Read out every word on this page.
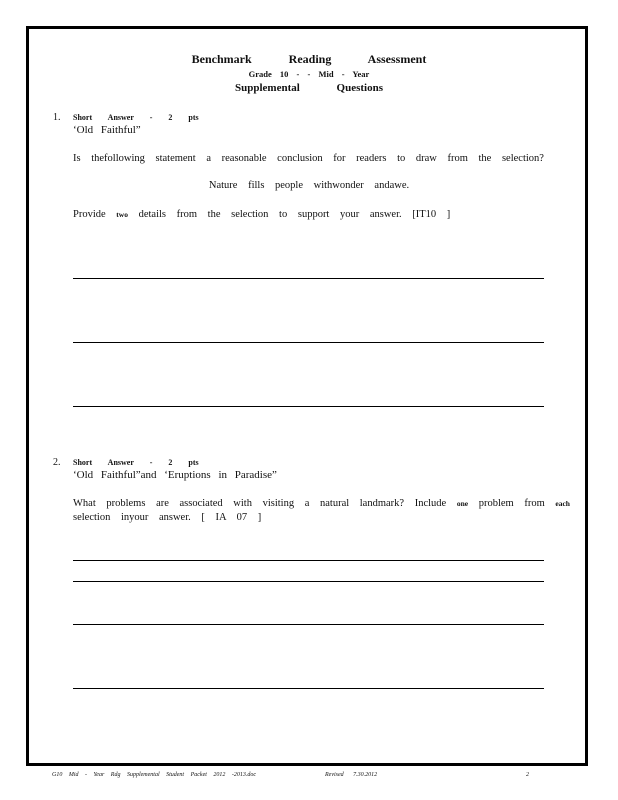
Benchmark Reading Assessment
Grade 10 - - Mid - Year
Supplemental Questions
1. Short Answer - 2 pts
‘Old Faithful”
Is thefollowing statement a reasonable conclusion for readers to draw from the selection?
Nature fills people withwonder andawe.
Provide two details from the selection to support your answer. [IT10 ]
2. Short Answer - 2 pts
‘Old Faithful”and ‘Eruptions in Paradise”
What problems are associated with visiting a natural landmark? Include one problem from each
selection inyour answer. [ IA 07 ]
G10 Mid - Year Rdg Supplemental Student Packet 2012 -2013.doc	Revised 7.30.2012	2
